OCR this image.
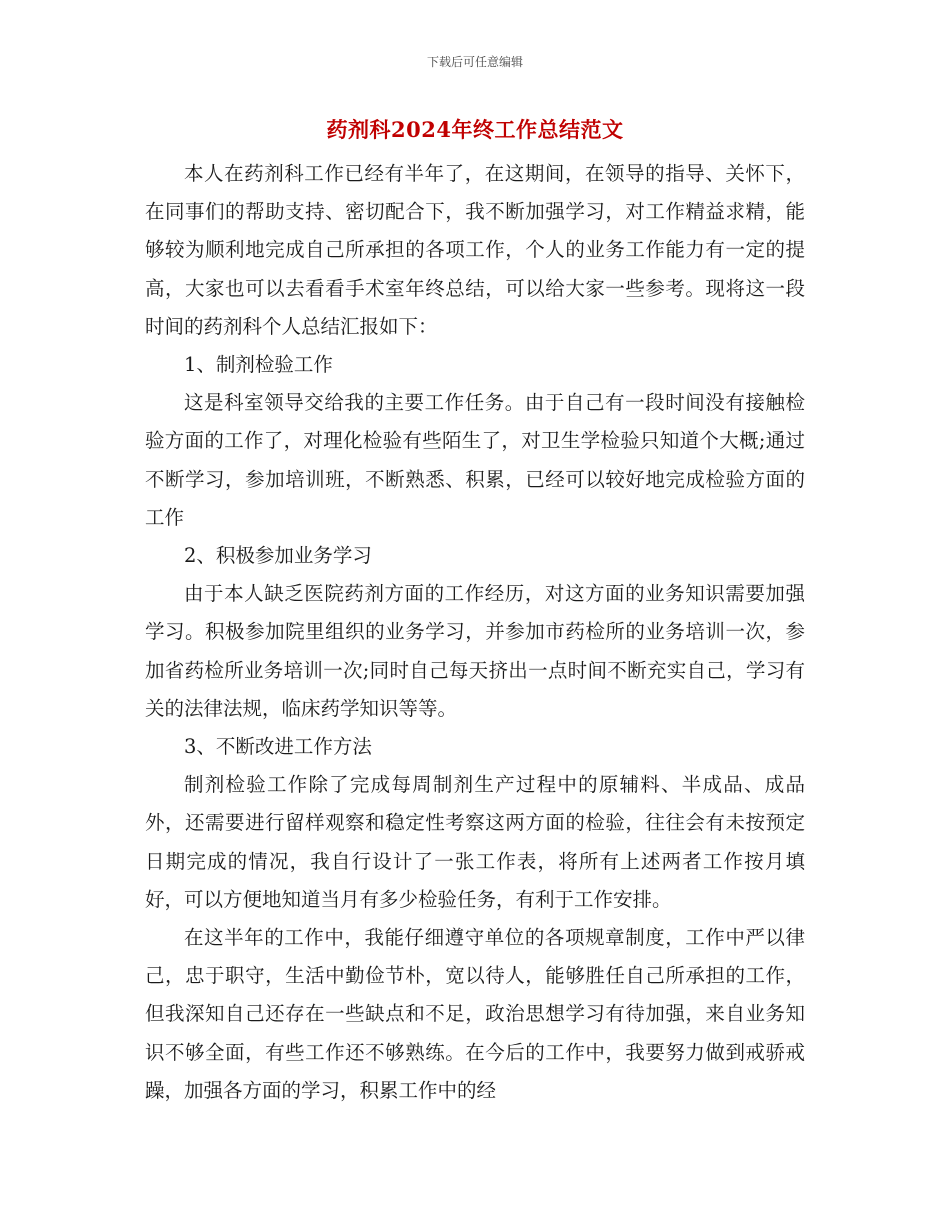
下载后可任意编辑
药剂科2024年终工作总结范文

本人在药剂科工作已经有半年了，在这期间，在领导的指导、关怀下，在同事们的帮助支持、密切配合下，我不断加强学习，对工作精益求精，能够较为顺利地完成自己所承担的各项工作，个人的业务工作能力有一定的提高，大家也可以去看看手术室年终总结，可以给大家一些参考。现将这一段时间的药剂科个人总结汇报如下：

1、制剂检验工作

这是科室领导交给我的主要工作任务。由于自己有一段时间没有接触检验方面的工作了，对理化检验有些陌生了，对卫生学检验只知道个大概;通过不断学习，参加培训班，不断熟悉、积累，已经可以较好地完成检验方面的工作

2、积极参加业务学习

由于本人缺乏医院药剂方面的工作经历，对这方面的业务知识需要加强学习。积极参加院里组织的业务学习，并参加市药检所的业务培训一次，参加省药检所业务培训一次;同时自己每天挤出一点时间不断充实自己，学习有关的法律法规，临床药学知识等等。

3、不断改进工作方法

制剂检验工作除了完成每周制剂生产过程中的原辅料、半成品、成品外，还需要进行留样观察和稳定性考察这两方面的检验，往往会有未按预定日期完成的情况，我自行设计了一张工作表，将所有上述两者工作按月填好，可以方便地知道当月有多少检验任务，有利于工作安排。

在这半年的工作中，我能仔细遵守单位的各项规章制度，工作中严以律己，忠于职守，生活中勤俭节朴，宽以待人，能够胜任自己所承担的工作，但我深知自己还存在一些缺点和不足，政治思想学习有待加强，来自业务知识不够全面，有些工作还不够熟练。在今后的工作中，我要努力做到戒骄戒躁，加强各方面的学习，积累工作中的经
